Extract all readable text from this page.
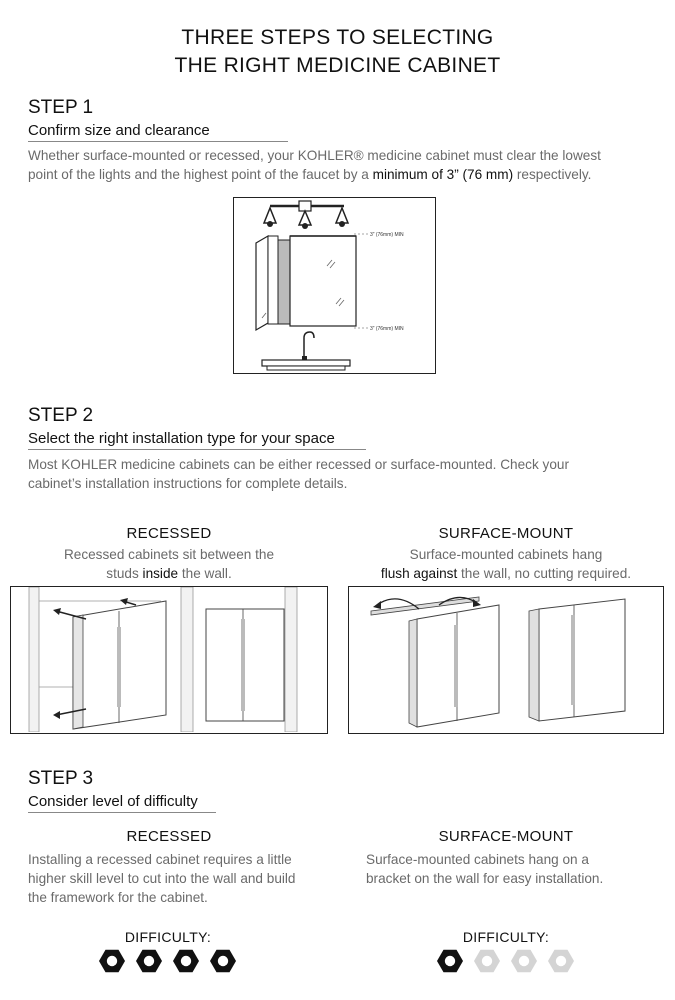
THREE STEPS TO SELECTING
THE RIGHT MEDICINE CABINET
STEP 1
Confirm size and clearance
Whether surface-mounted or recessed, your KOHLER® medicine cabinet must clear the lowest
point of the lights and the highest point of the faucet by a minimum of 3” (76 mm) respectively.
3” (76mm) MIN
3” (76mm) MIN
STEP 2
Select the right installation type for your space
Most KOHLER medicine cabinets can be either recessed or surface-mounted. Check your
cabinet’s installation instructions for complete details.
RECESSED
Recessed cabinets sit between the
studs inside the wall.
SURFACE-MOUNT
Surface-mounted cabinets hang
flush against the wall, no cutting required.
STEP 3
Consider level of difficulty
RECESSED
Installing a recessed cabinet requires a little
higher skill level to cut into the wall and build
the framework for the cabinet.
SURFACE-MOUNT
Surface-mounted cabinets hang on a
bracket on the wall for easy installation.
DIFFICULTY:	DIFFICULTY:
